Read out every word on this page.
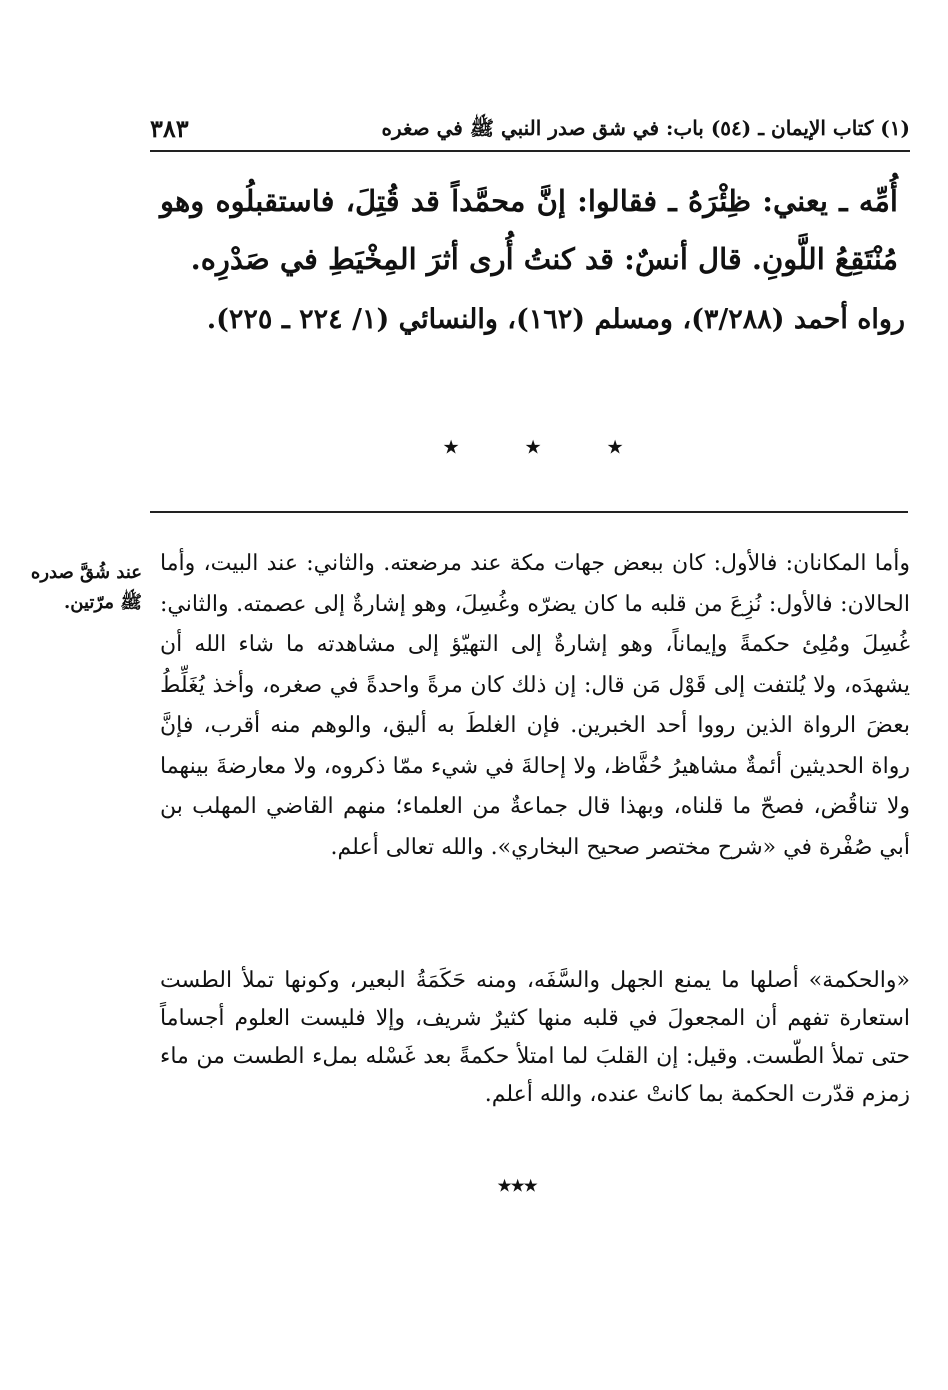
٣٨٣	(١) كتاب الإيمان ـ (٥٤) باب: في شق صدر النبي ﷺ في صغره
أُمِّه ـ يعني: ظِئْرَهُ ـ فقالوا: إنَّ محمَّداً قد قُتِلَ، فاستقبلُوه وهو مُنْتَقِعُ اللَّونِ. قال أنسٌ: قد كنتُ أُرى أثرَ المِخْيَطِ في صَدْرِه.
رواه أحمد (٣/٢٨٨)، ومسلم (١٦٢)، والنسائي (١/ ٢٢٤ ـ ٢٢٥).
٭	٭	٭
عند شُقَّ صدره ﷺ مرّتين.

وأما المكانان: فالأول: كان ببعض جهات مكة عند مرضعته. والثاني: عند البيت، وأما الحالان: فالأول: نُزِعَ من قلبه ما كان يضرّه وغُسِلَ، وهو إشارةٌ إلى عصمته. والثاني: غُسِلَ ومُلِئ حكمةً وإيماناً، وهو إشارةٌ إلى التهيّؤ إلى مشاهدته ما شاء الله أن يشهدَه، ولا يُلتفت إلى قَوْل مَن قال: إن ذلك كان مرةً واحدةً في صغره، وأخذ يُغَلِّطُ بعضَ الرواة الذين رووا أحد الخبرين. فإن الغلطَ به أليق، والوهم منه أقرب، فإنَّ رواة الحديثين أئمةٌ مشاهيرُ حُفَّاظ، ولا إحالةَ في شيء ممّا ذكروه، ولا معارضةَ بينهما ولا تناقُض، فصحّ ما قلناه، وبهذا قال جماعةٌ من العلماء؛ منهم القاضي المهلب بن أبي صُفْرة في «شرح مختصر صحيح البخاري». والله تعالى أعلم.

«والحكمة» أصلها ما يمنع الجهل والسَّفَه، ومنه حَكَمَةُ البعير، وكونها تملأ الطست استعارة تفهم أن المجعولَ في قلبه منها كثيرٌ شريف، وإلا فليست العلوم أجساماً حتى تملأ الطّست. وقيل: إن القلبَ لما امتلأ حكمةً بعد غَسْله بملء الطست من ماء زمزم قدّرت الحكمة بما كانتْ عنده، والله أعلم.

٭٭٭
